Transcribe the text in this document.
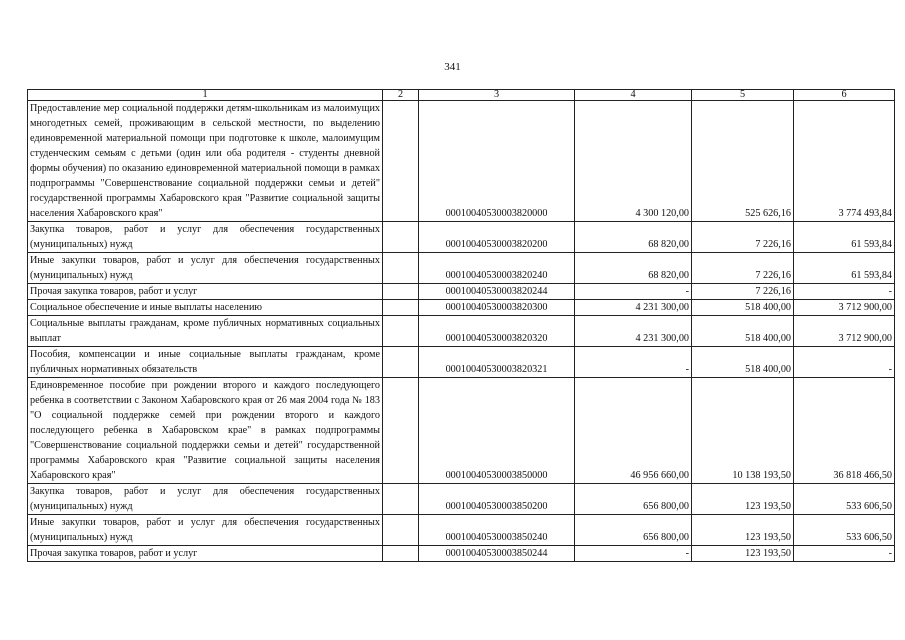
341
1	2	3	4	5	6
Предоставление мер социальной поддержки детям-школьникам из малоимущих многодетных семей, проживающим в сельской местности, по выделению единовременной материальной помощи при подготовке к школе, малоимущим студенческим семьям с детьми (один или оба родителя - студенты дневной формы обучения) по оказанию единовременной материальной помощи в рамках подпрограммы "Совершенствование социальной поддержки семьи и детей" государственной программы Хабаровского края "Развитие социальной защиты населения Хабаровского края"		00010040530003820000	4 300 120,00	525 626,16	3 774 493,84
Закупка товаров, работ и услуг для обеспечения государственных (муниципальных) нужд		00010040530003820200	68 820,00	7 226,16	61 593,84
Иные закупки товаров, работ и услуг для обеспечения государственных (муниципальных) нужд		00010040530003820240	68 820,00	7 226,16	61 593,84
Прочая закупка товаров, работ и услуг		00010040530003820244	-	7 226,16	-
Социальное обеспечение и иные выплаты населению		00010040530003820300	4 231 300,00	518 400,00	3 712 900,00
Социальные выплаты гражданам, кроме публичных нормативных социальных выплат		00010040530003820320	4 231 300,00	518 400,00	3 712 900,00
Пособия, компенсации и иные социальные выплаты гражданам, кроме публичных нормативных обязательств		00010040530003820321	-	518 400,00	-
Единовременное пособие при рождении второго и каждого последующего ребенка в соответствии с Законом Хабаровского края от 26 мая 2004 года № 183 "О социальной поддержке семей при рождении второго и каждого последующего ребенка в Хабаровском крае" в рамках подпрограммы "Совершенствование социальной поддержки семьи и детей" государственной программы Хабаровского края "Развитие социальной защиты населения Хабаровского края"		00010040530003850000	46 956 660,00	10 138 193,50	36 818 466,50
Закупка товаров, работ и услуг для обеспечения государственных (муниципальных) нужд		00010040530003850200	656 800,00	123 193,50	533 606,50
Иные закупки товаров, работ и услуг для обеспечения государственных (муниципальных) нужд		00010040530003850240	656 800,00	123 193,50	533 606,50
Прочая закупка товаров, работ и услуг		00010040530003850244	-	123 193,50	-
